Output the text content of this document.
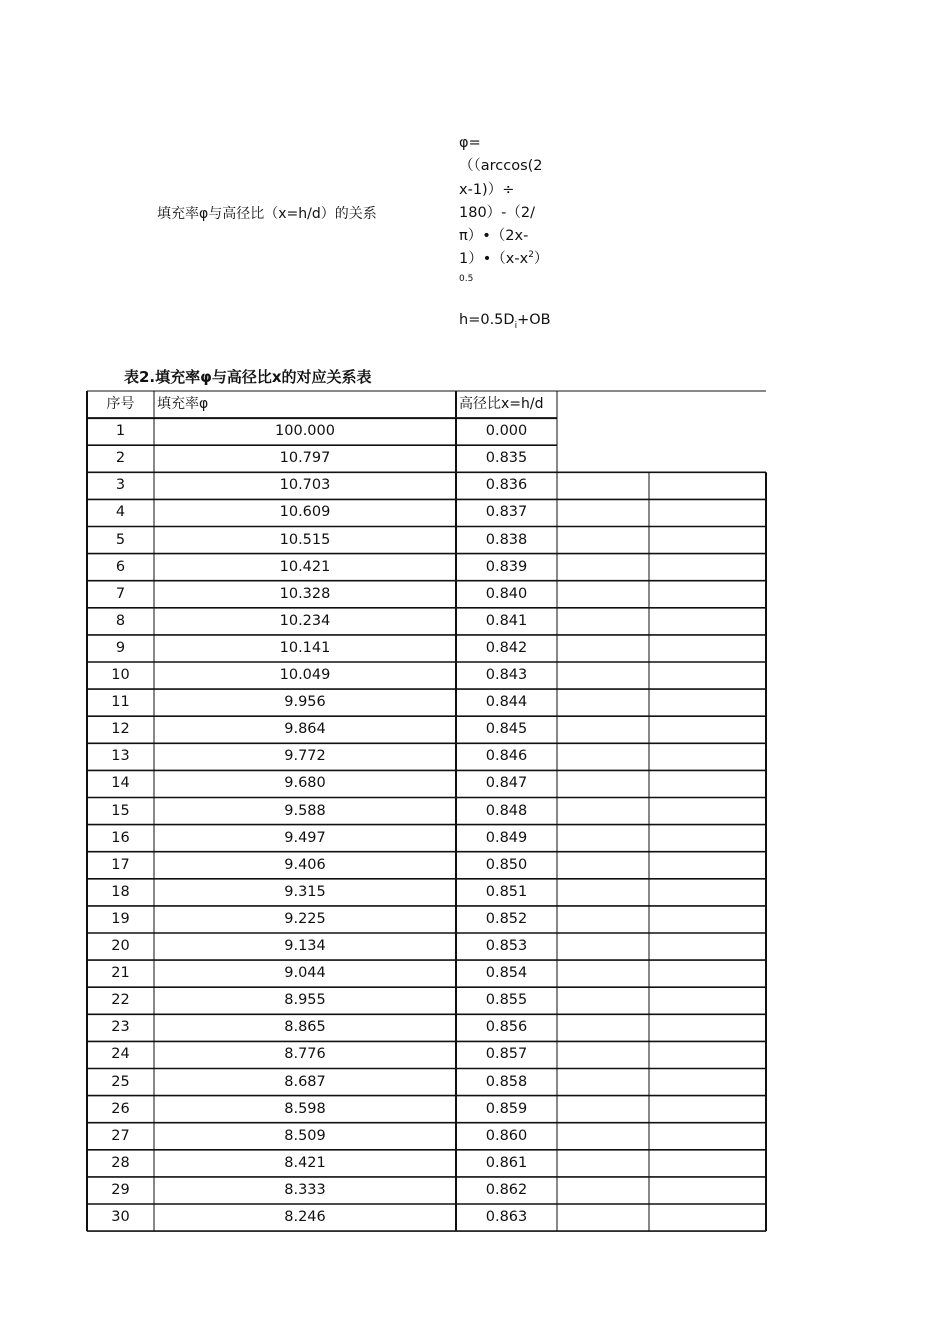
填充率φ与高径比（x=h/d）的关系
φ=
（（arccos(2
x-1)）÷
180）-（2/
π）•（2x-
$1)•(x-x^2)$
0.5
$h=0.5D_i+OB$
表2.填充率φ与高径比x的对应关系表
序号	填充率φ	高径比x=h/d
1	100.000	0.000
2	10.797	0.835
3	10.703	0.836
4	10.609	0.837
5	10.515	0.838
6	10.421	0.839
7	10.328	0.840
8	10.234	0.841
9	10.141	0.842
10	10.049	0.843
11	9.956	0.844
12	9.864	0.845
13	9.772	0.846
14	9.680	0.847
15	9.588	0.848
16	9.497	0.849
17	9.406	0.850
18	9.315	0.851
19	9.225	0.852
20	9.134	0.853
21	9.044	0.854
22	8.955	0.855
23	8.865	0.856
24	8.776	0.857
25	8.687	0.858
26	8.598	0.859
27	8.509	0.860
28	8.421	0.861
29	8.333	0.862
30	8.246	0.863
